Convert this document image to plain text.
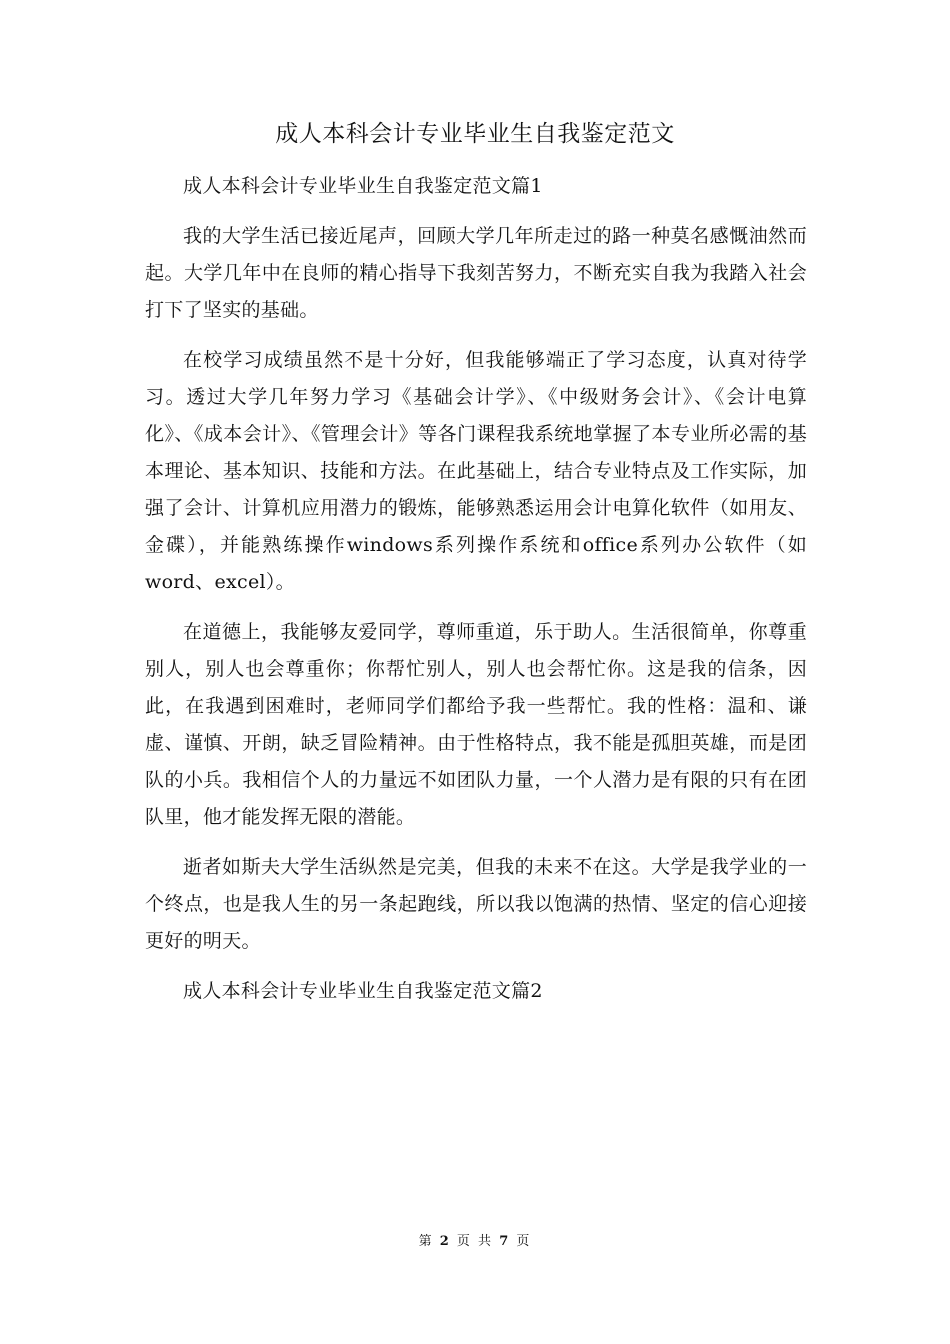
成人本科会计专业毕业生自我鉴定范文

成人本科会计专业毕业生自我鉴定范文篇1

我的大学生活已接近尾声，回顾大学几年所走过的路一种莫名感慨油然而起。大学几年中在良师的精心指导下我刻苦努力，不断充实自我为我踏入社会打下了坚实的基础。

在校学习成绩虽然不是十分好，但我能够端正了学习态度，认真对待学习。透过大学几年努力学习《基础会计学》、《中级财务会计》、《会计电算化》、《成本会计》、《管理会计》等各门课程我系统地掌握了本专业所必需的基本理论、基本知识、技能和方法。在此基础上，结合专业特点及工作实际，加强了会计、计算机应用潜力的锻炼，能够熟悉运用会计电算化软件（如用友、金碟），并能熟练操作windows系列操作系统和office系列办公软件（如word、excel）。

在道德上，我能够友爱同学，尊师重道，乐于助人。生活很简单，你尊重别人，别人也会尊重你；你帮忙别人，别人也会帮忙你。这是我的信条，因此，在我遇到困难时，老师同学们都给予我一些帮忙。我的性格：温和、谦虚、谨慎、开朗，缺乏冒险精神。由于性格特点，我不能是孤胆英雄，而是团队的小兵。我相信个人的力量远不如团队力量，一个人潜力是有限的只有在团队里，他才能发挥无限的潜能。

逝者如斯夫大学生活纵然是完美，但我的未来不在这。大学是我学业的一个终点，也是我人生的另一条起跑线，所以我以饱满的热情、坚定的信心迎接更好的明天。

成人本科会计专业毕业生自我鉴定范文篇2

第 2 页 共 7 页
